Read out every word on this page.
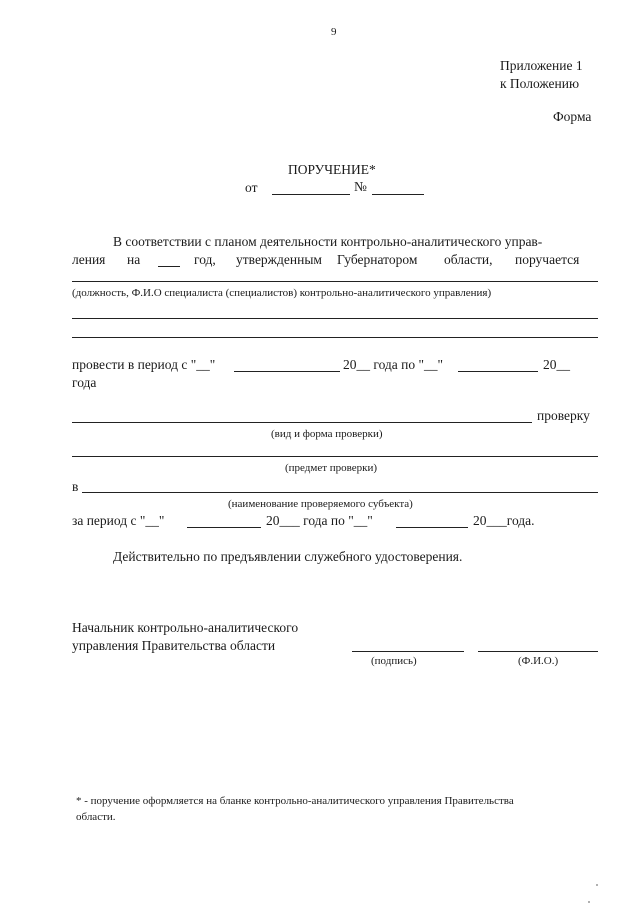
9
Приложение 1
к Положению
Форма
ПОРУЧЕНИЕ*
от	№
В соответствии с планом деятельности контрольно-аналитического управ-
ления на	год, утвержденным Губернатором области, поручается
(должность, Ф.И.О специалиста (специалистов) контрольно-аналитического управления)
провести в период с "__"	20__ года по "__"	20__
года
проверку
(вид и форма проверки)
(предмет проверки)
в
(наименование проверяемого субъекта)
за период с "__"	20___ года по "__"	20___года.
Действительно по предъявлении служебного удостоверения.
Начальник контрольно-аналитического
управления Правительства области
(подпись)	(Ф.И.О.)
* - поручение оформляется на бланке контрольно-аналитического управления Правительства
области.
